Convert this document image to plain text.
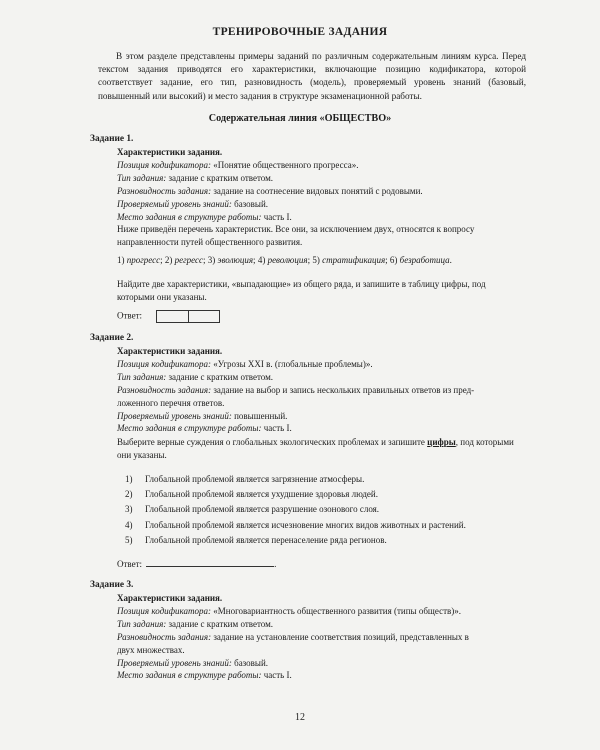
ТРЕНИРОВОЧНЫЕ ЗАДАНИЯ

В этом разделе представлены примеры заданий по различным содержательным линиям курса. Перед текстом задания приводятся его характеристики, включающие позицию кодификатора, которой соответствует задание, его тип, разновидность (модель), проверяемый уровень знаний (базовый, повышенный или высокий) и место задания в структуре экзаменационной работы.

Содержательная линия «ОБЩЕСТВО»
Задание 1.
Характеристики задания.
Позиция кодификатора: «Понятие общественного прогресса».
Тип задания: задание с кратким ответом.
Разновидность задания: задание на соотнесение видовых понятий с родовыми.
Проверяемый уровень знаний: базовый.
Место задания в структуре работы: часть I.

Ниже приведён перечень характеристик. Все они, за исключением двух, относятся к вопросу направленности путей общественного развития.

1) прогресс; 2) регресс; 3) эволюция; 4) революция; 5) стратификация; 6) безработица.

Найдите две характеристики, «выпадающие» из общего ряда, и запишите в таблицу цифры, под которыми они указаны.

Ответ:
Задание 2.
Характеристики задания.
Позиция кодификатора: «Угрозы XXI в. (глобальные проблемы)».
Тип задания: задание с кратким ответом.
Разновидность задания: задание на выбор и запись нескольких правильных ответов из пред-
ложенного перечня ответов.
Проверяемый уровень знаний: повышенный.
Место задания в структуре работы: часть I.

Выберите верные суждения о глобальных экологических проблемах и запишите цифры, под которыми они указаны.

1) Глобальной проблемой является загрязнение атмосферы.
2) Глобальной проблемой является ухудшение здоровья людей.
3) Глобальной проблемой является разрушение озонового слоя.
4) Глобальной проблемой является исчезновение многих видов животных и растений.
5) Глобальной проблемой является перенаселение ряда регионов.
Ответ:	.
Задание 3.
Характеристики задания.
Позиция кодификатора: «Многовариантность общественного развития (типы обществ)».
Тип задания: задание с кратким ответом.
Разновидность задания: задание на установление соответствия позиций, представленных в
двух множествах.
Проверяемый уровень знаний: базовый.
Место задания в структуре работы: часть I.
12
